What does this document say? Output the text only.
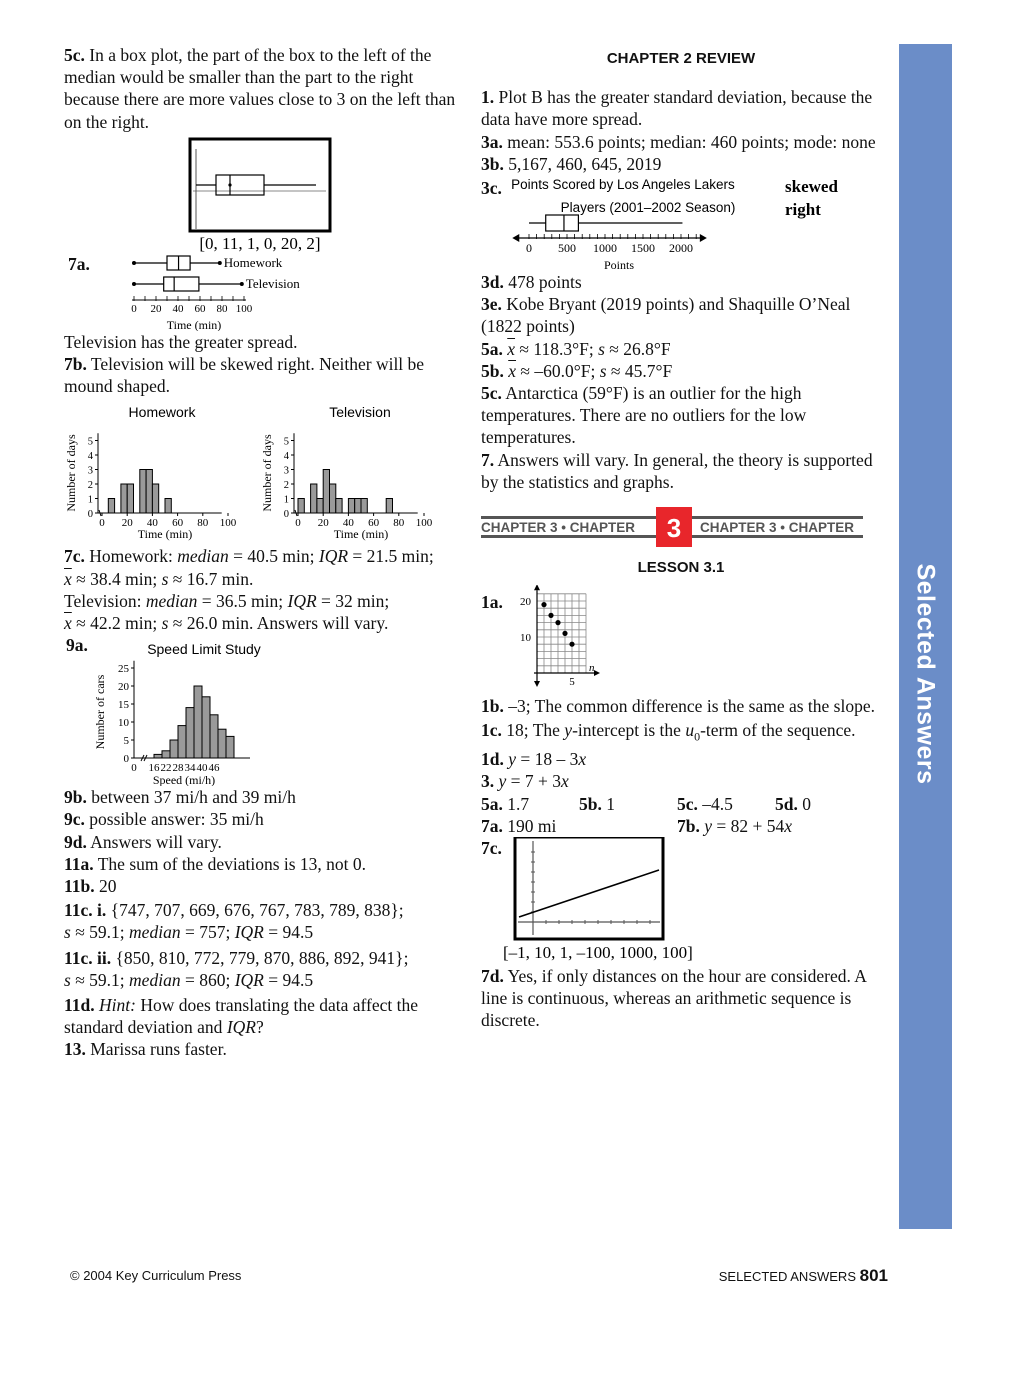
5c. In a box plot, the part of the box to the left of the median would be smaller than the part to the right because there are more values close to 3 on the left than on the right.

[0, 11, 1, 0, 20, 2]
7a.	Homework
Television
0 20 40 60 80 100
Time (min)

Television has the greater spread.

7b. Television will be skewed right. Neither will be mound shaped.

Homework	Television
0
1
2
3
4
5
Number of days
0 20 40 60 80 100
Time (min)
0
1
2
3
4
5
Number of days
0 20 40 60 80 100
Time (min)

7c. Homework: median = 40.5 min; IQR = 21.5 min;
$\overline{x} \approx 38.4$ min; s ≈ 16.7 min.
Television: median = 36.5 min; IQR = 32 min;
$\overline{x} \approx 42.2$ min; s ≈ 26.0 min. Answers will vary.

9a.	Speed Limit Study
0
5
10
15
20
25
Number of cars
0 16 22 28 34 40 46
Speed (mi/h)

9b. between 37 mi/h and 39 mi/h

9c. possible answer: 35 mi/h

9d. Answers will vary.

11a. The sum of the deviations is 13, not 0.

11b. 20

11c. i. {747, 707, 669, 676, 767, 783, 789, 838};
s ≈ 59.1; median = 757; IQR = 94.5

11c. ii. {850, 810, 772, 779, 870, 886, 892, 941};
s ≈ 59.1; median = 860; IQR = 94.5

11d. Hint: How does translating the data affect the standard deviation and IQR?

13. Marissa runs faster.

CHAPTER 2 REVIEW

1. Plot B has the greater standard deviation, because the data have more spread.

3a. mean: 553.6 points; median: 460 points; mode: none

3b. 5,167, 460, 645, 2019

3c. Points Scored by Los Angeles Lakers
Players (2001–2002 Season)
skewed
right
0 500 1000 1500 2000
Points

3d. 478 points

3e. Kobe Bryant (2019 points) and Shaquille O’Neal (1822 points)

5a. $\overline{x} \approx 118.3^\circ F$; s ≈ 26.8°F

5b. $\overline{x} \approx -60.0^\circ F$; s ≈ 45.7°F

5c. Antarctica (59°F) is an outlier for the high temperatures. There are no outliers for the low temperatures.

7. Answers will vary. In general, the theory is supported by the statistics and graphs.

CHAPTER 3 • CHAPTER 3 CHAPTER 3 • CHAPTER
LESSON 3.1
1a. 20
10
5
n

1b. –3; The common difference is the same as the slope.

1c. 18; The y-intercept is the $u_0$-term of the sequence.

1d. y = 18 – 3x

3. y = 7 + 3x

5a. 1.7	5b. 1	5c. –4.5	5d. 0
7a. 190 mi	7b. y = 82 + 54x
7c.
[–1, 10, 1, –100, 1000, 100]

7d. Yes, if only distances on the hour are considered. A line is continuous, whereas an arithmetic sequence is discrete.

Selected Answers
© 2004 Key Curriculum Press	SELECTED ANSWERS 801
